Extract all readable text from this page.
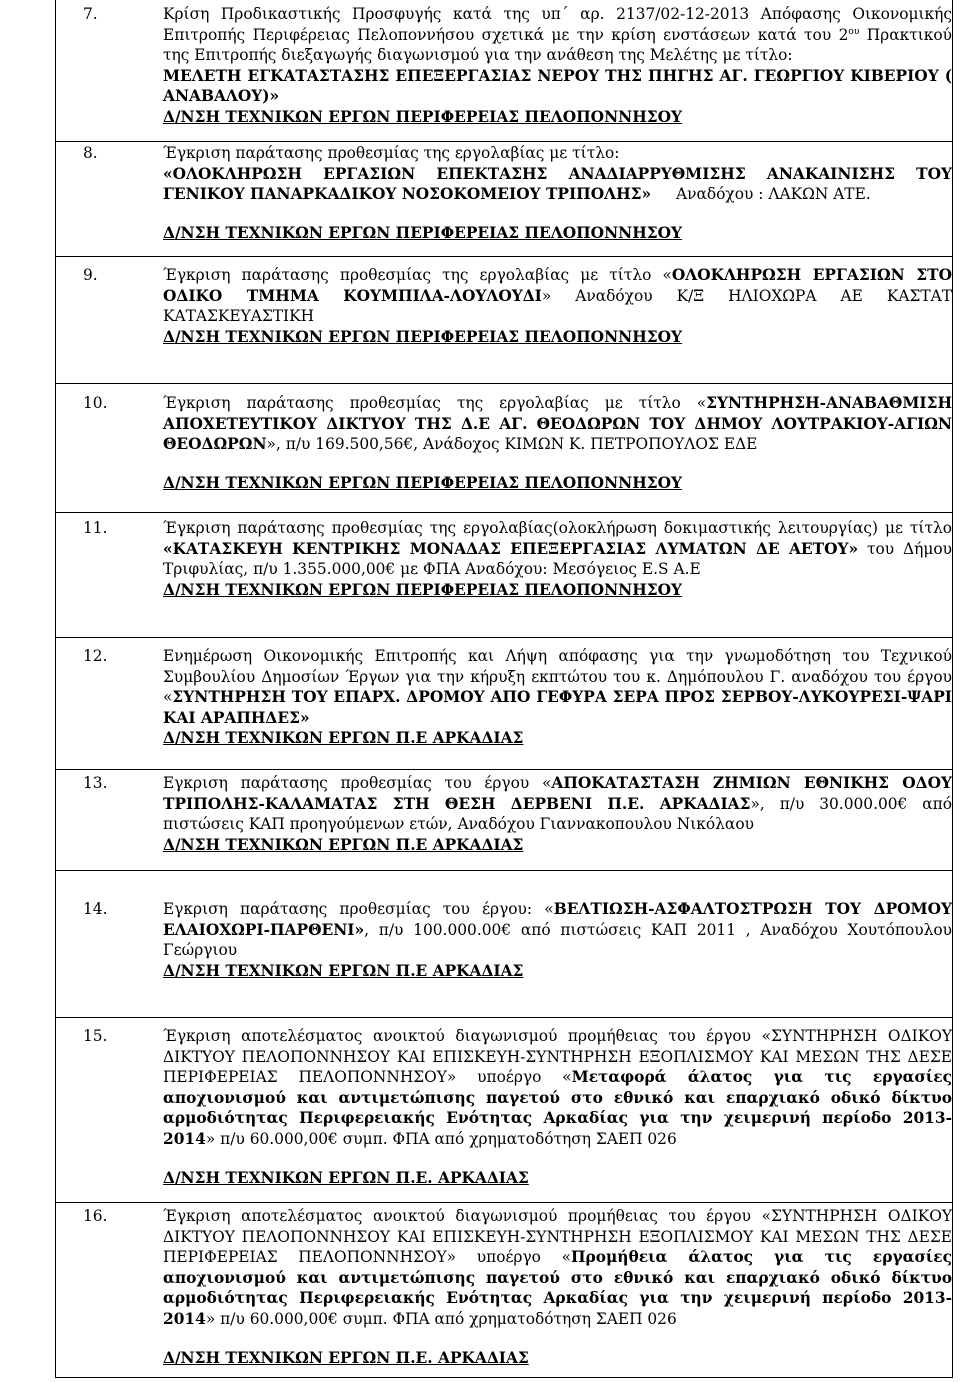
7.	Κρίση Προδικαστικής Προσφυγής κατά της υπ΄ αρ. 2137/02-12-2013 Απόφασης Οικονομικής Επιτροπής Περιφέρειας Πελοποννήσου σχετικά με την κρίση ενστάσεων κατά του $2^{o\upsilon}$ Πρακτικού της Επιτροπής διεξαγωγής διαγωνισμού για την ανάθεση της Μελέτης με τίτλο:
ΜΕΛΕΤΗ ΕΓΚΑΤΑΣΤΑΣΗΣ ΕΠΕΞΕΡΓΑΣΙΑΣ ΝΕΡΟΥ ΤΗΣ ΠΗΓΗΣ ΑΓ. ΓΕΩΡΓΙΟΥ ΚΙΒΕΡΙΟΥ ( ΑΝΑΒΑΛΟΥ)»
Δ/ΝΣΗ ΤΕΧΝΙΚΩΝ ΕΡΓΩΝ ΠΕΡΙΦΕΡΕΙΑΣ ΠΕΛΟΠΟΝΝΗΣΟΥ
8.	Έγκριση παράτασης προθεσμίας της εργολαβίας με τίτλο:
«ΟΛΟΚΛΗΡΩΣΗ ΕΡΓΑΣΙΩΝ ΕΠΕΚΤΑΣΗΣ ΑΝΑΔΙΑΡΡΥΘΜΙΣΗΣ ΑΝΑΚΑΙΝΙΣΗΣ ΤΟΥ ΓΕΝΙΚΟΥ ΠΑΝΑΡΚΑΔΙΚΟΥ ΝΟΣΟΚΟΜΕΙΟΥ ΤΡΙΠΟΛΗΣ» Αναδόχου : ΛΑΚΩΝ ΑΤΕ.
Δ/ΝΣΗ ΤΕΧΝΙΚΩΝ ΕΡΓΩΝ ΠΕΡΙΦΕΡΕΙΑΣ ΠΕΛΟΠΟΝΝΗΣΟΥ
9.	Έγκριση παράτασης προθεσμίας της εργολαβίας με τίτλο «ΟΛΟΚΛΗΡΩΣΗ ΕΡΓΑΣΙΩΝ ΣΤΟ ΟΔΙΚΟ ΤΜΗΜΑ ΚΟΥΜΠΙΛΑ-ΛΟΥΛΟΥΔΙ» Αναδόχου Κ/Ξ ΗΛΙΟΧΩΡΑ ΑΕ ΚΑΣΤΑΤ ΚΑΤΑΣΚΕΥΑΣΤΙΚΗ
Δ/ΝΣΗ ΤΕΧΝΙΚΩΝ ΕΡΓΩΝ ΠΕΡΙΦΕΡΕΙΑΣ ΠΕΛΟΠΟΝΝΗΣΟΥ
10.	Έγκριση παράτασης προθεσμίας της εργολαβίας με τίτλο «ΣΥΝΤΗΡΗΣΗ-ΑΝΑΒΑΘΜΙΣΗ ΑΠΟΧΕΤΕΥΤΙΚΟΥ ΔΙΚΤΥΟΥ ΤΗΣ Δ.Ε ΑΓ. ΘΕΟΔΩΡΩΝ ΤΟΥ ΔΗΜΟΥ ΛΟΥΤΡΑΚΙΟΥ-ΑΓΙΩΝ ΘΕΟΔΩΡΩΝ», π/υ 169.500,56€, Ανάδοχος ΚΙΜΩΝ Κ. ΠΕΤΡΟΠΟΥΛΟΣ ΕΔΕ
Δ/ΝΣΗ ΤΕΧΝΙΚΩΝ ΕΡΓΩΝ ΠΕΡΙΦΕΡΕΙΑΣ ΠΕΛΟΠΟΝΝΗΣΟΥ
11.	Έγκριση παράτασης προθεσμίας της εργολαβίας(ολοκλήρωση δοκιμαστικής λειτουργίας) με τίτλο «ΚΑΤΑΣΚΕΥΗ ΚΕΝΤΡΙΚΗΣ ΜΟΝΑΔΑΣ ΕΠΕΞΕΡΓΑΣΙΑΣ ΛΥΜΑΤΩΝ ΔΕ ΑΕΤΟΥ» του Δήμου Τριφυλίας, π/υ 1.355.000,00€ με ΦΠΑ Αναδόχου: Μεσόγειος Ε.S Α.Ε
Δ/ΝΣΗ ΤΕΧΝΙΚΩΝ ΕΡΓΩΝ ΠΕΡΙΦΕΡΕΙΑΣ ΠΕΛΟΠΟΝΝΗΣΟΥ
12.	Ενημέρωση Οικονομικής Επιτροπής και Λήψη απόφασης για την γνωμοδότηση του Τεχνικού Συμβουλίου Δημοσίων Έργων για την κήρυξη εκπτώτου του κ. Δημόπουλου Γ. αναδόχου του έργου «ΣΥΝΤΗΡΗΣΗ ΤΟΥ ΕΠΑΡΧ. ΔΡΟΜΟΥ ΑΠΟ ΓΕΦΥΡΑ ΣΕΡΑ ΠΡΟΣ ΣΕΡΒΟΥ-ΛΥΚΟΥΡΕΣΙ-ΨΑΡΙ ΚΑΙ ΑΡΑΠΗΔΕΣ»
Δ/ΝΣΗ ΤΕΧΝΙΚΩΝ ΕΡΓΩΝ Π.Ε ΑΡΚΑΔΙΑΣ
13.	Εγκριση παράτασης προθεσμίας του έργου «ΑΠΟΚΑΤΑΣΤΑΣΗ ΖΗΜΙΩΝ ΕΘΝΙΚΗΣ ΟΔΟΥ ΤΡΙΠΟΛΗΣ-ΚΑΛΑΜΑΤΑΣ ΣΤΗ ΘΕΣΗ ΔΕΡΒΕΝΙ Π.Ε. ΑΡΚΑΔΙΑΣ», π/υ 30.000.00€ από πιστώσεις ΚΑΠ προηγούμενων ετών, Αναδόχου Γιαννακοπουλου Νικόλαου
Δ/ΝΣΗ ΤΕΧΝΙΚΩΝ ΕΡΓΩΝ Π.Ε ΑΡΚΑΔΙΑΣ
14.	Εγκριση παράτασης προθεσμίας του έργου: «ΒΕΛΤΙΩΣΗ-ΑΣΦΑΛΤΟΣΤΡΩΣΗ ΤΟΥ ΔΡΟΜΟΥ ΕΛΑΙΟΧΩΡΙ-ΠΑΡΘΕΝΙ», π/υ 100.000.00€ από πιστώσεις ΚΑΠ 2011 , Αναδόχου Χουτόπουλου Γεώργιου
Δ/ΝΣΗ ΤΕΧΝΙΚΩΝ ΕΡΓΩΝ Π.Ε ΑΡΚΑΔΙΑΣ
15.	Έγκριση αποτελέσματος ανοικτού διαγωνισμού προμήθειας του έργου «ΣΥΝΤΗΡΗΣΗ ΟΔΙΚΟΥ ΔΙΚΤΥΟΥ ΠΕΛΟΠΟΝΝΗΣΟΥ ΚΑΙ ΕΠΙΣΚΕΥΗ-ΣΥΝΤΗΡΗΣΗ ΕΞΟΠΛΙΣΜΟΥ ΚΑΙ ΜΕΣΩΝ ΤΗΣ ΔΕΣΕ ΠΕΡΙΦΕΡΕΙΑΣ ΠΕΛΟΠΟΝΝΗΣΟΥ» υποέργο «Μεταφορά άλατος για τις εργασίες αποχιονισμού και αντιμετώπισης παγετού στο εθνικό και επαρχιακό οδικό δίκτυο αρμοδιότητας Περιφερειακής Ενότητας Αρκαδίας για την χειμερινή περίοδο 2013-2014» π/υ 60.000,00€ συμπ. ΦΠΑ από χρηματοδότηση ΣΑΕΠ 026
Δ/ΝΣΗ ΤΕΧΝΙΚΩΝ ΕΡΓΩΝ Π.Ε. ΑΡΚΑΔΙΑΣ
16.	Έγκριση αποτελέσματος ανοικτού διαγωνισμού προμήθειας του έργου «ΣΥΝΤΗΡΗΣΗ ΟΔΙΚΟΥ ΔΙΚΤΥΟΥ ΠΕΛΟΠΟΝΝΗΣΟΥ ΚΑΙ ΕΠΙΣΚΕΥΗ-ΣΥΝΤΗΡΗΣΗ ΕΞΟΠΛΙΣΜΟΥ ΚΑΙ ΜΕΣΩΝ ΤΗΣ ΔΕΣΕ ΠΕΡΙΦΕΡΕΙΑΣ ΠΕΛΟΠΟΝΝΗΣΟΥ» υποέργο «Προμήθεια άλατος για τις εργασίες αποχιονισμού και αντιμετώπισης παγετού στο εθνικό και επαρχιακό οδικό δίκτυο αρμοδιότητας Περιφερειακής Ενότητας Αρκαδίας για την χειμερινή περίοδο 2013-2014» π/υ 60.000,00€ συμπ. ΦΠΑ από χρηματοδότηση ΣΑΕΠ 026
Δ/ΝΣΗ ΤΕΧΝΙΚΩΝ ΕΡΓΩΝ Π.Ε. ΑΡΚΑΔΙΑΣ
